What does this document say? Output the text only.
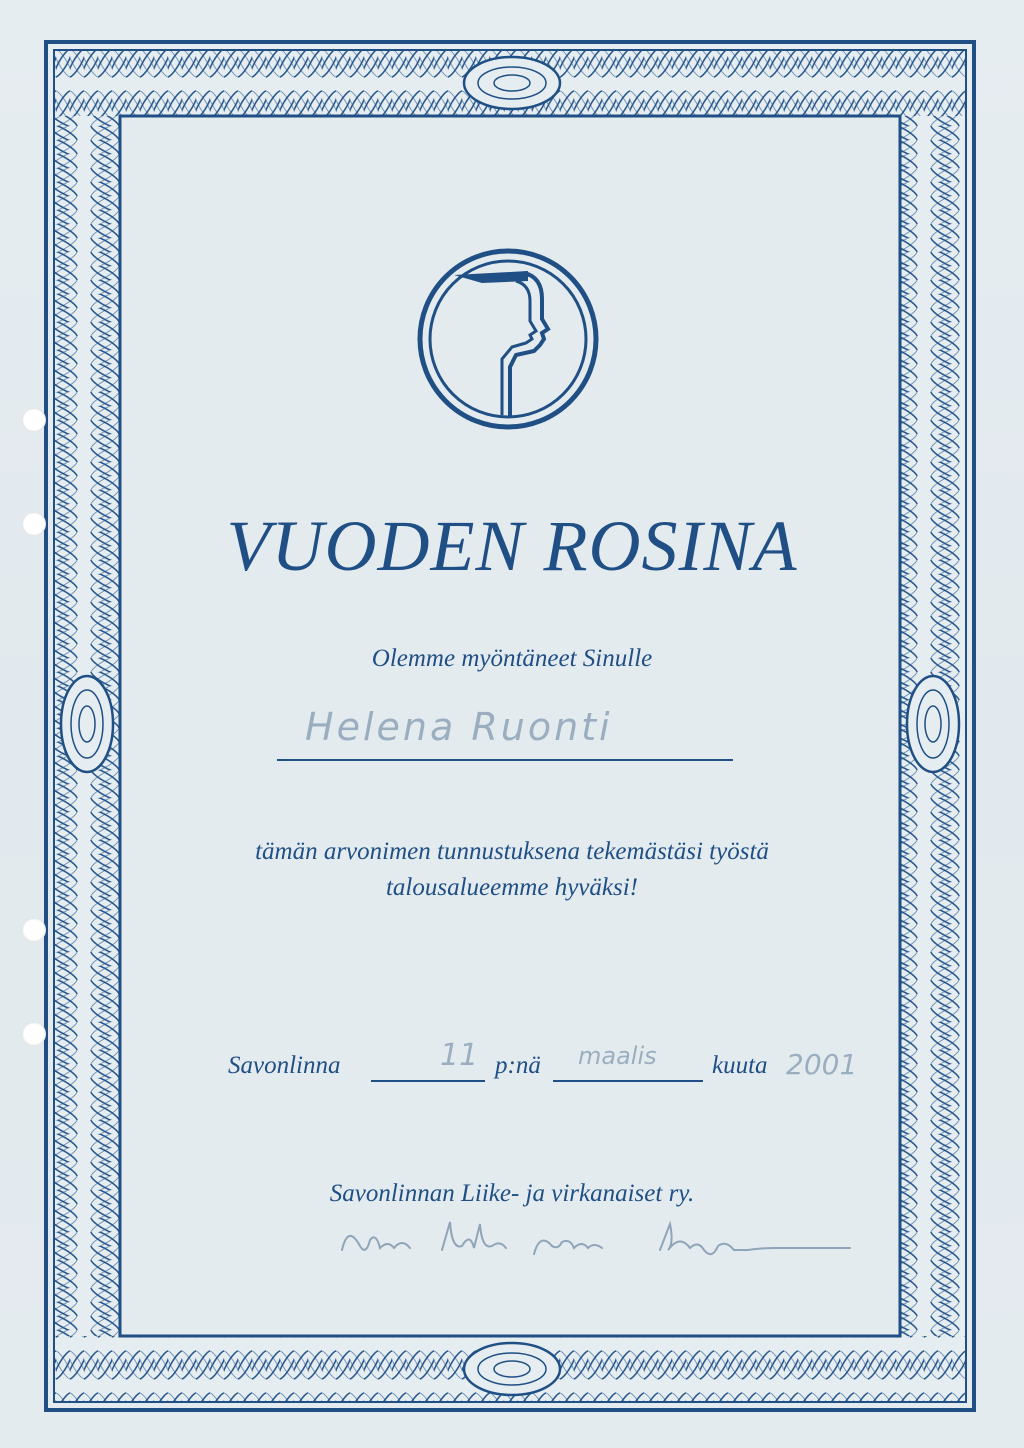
VUODEN ROSINA
Olemme myöntäneet Sinulle
Helena Ruonti
tämän arvonimen tunnustuksena tekemästäsi työstä
talousalueemme hyväksi!
Savonlinna	p:nä	kuuta
11	maalis	2001
Savonlinnan Liike- ja virkanaiset ry.
